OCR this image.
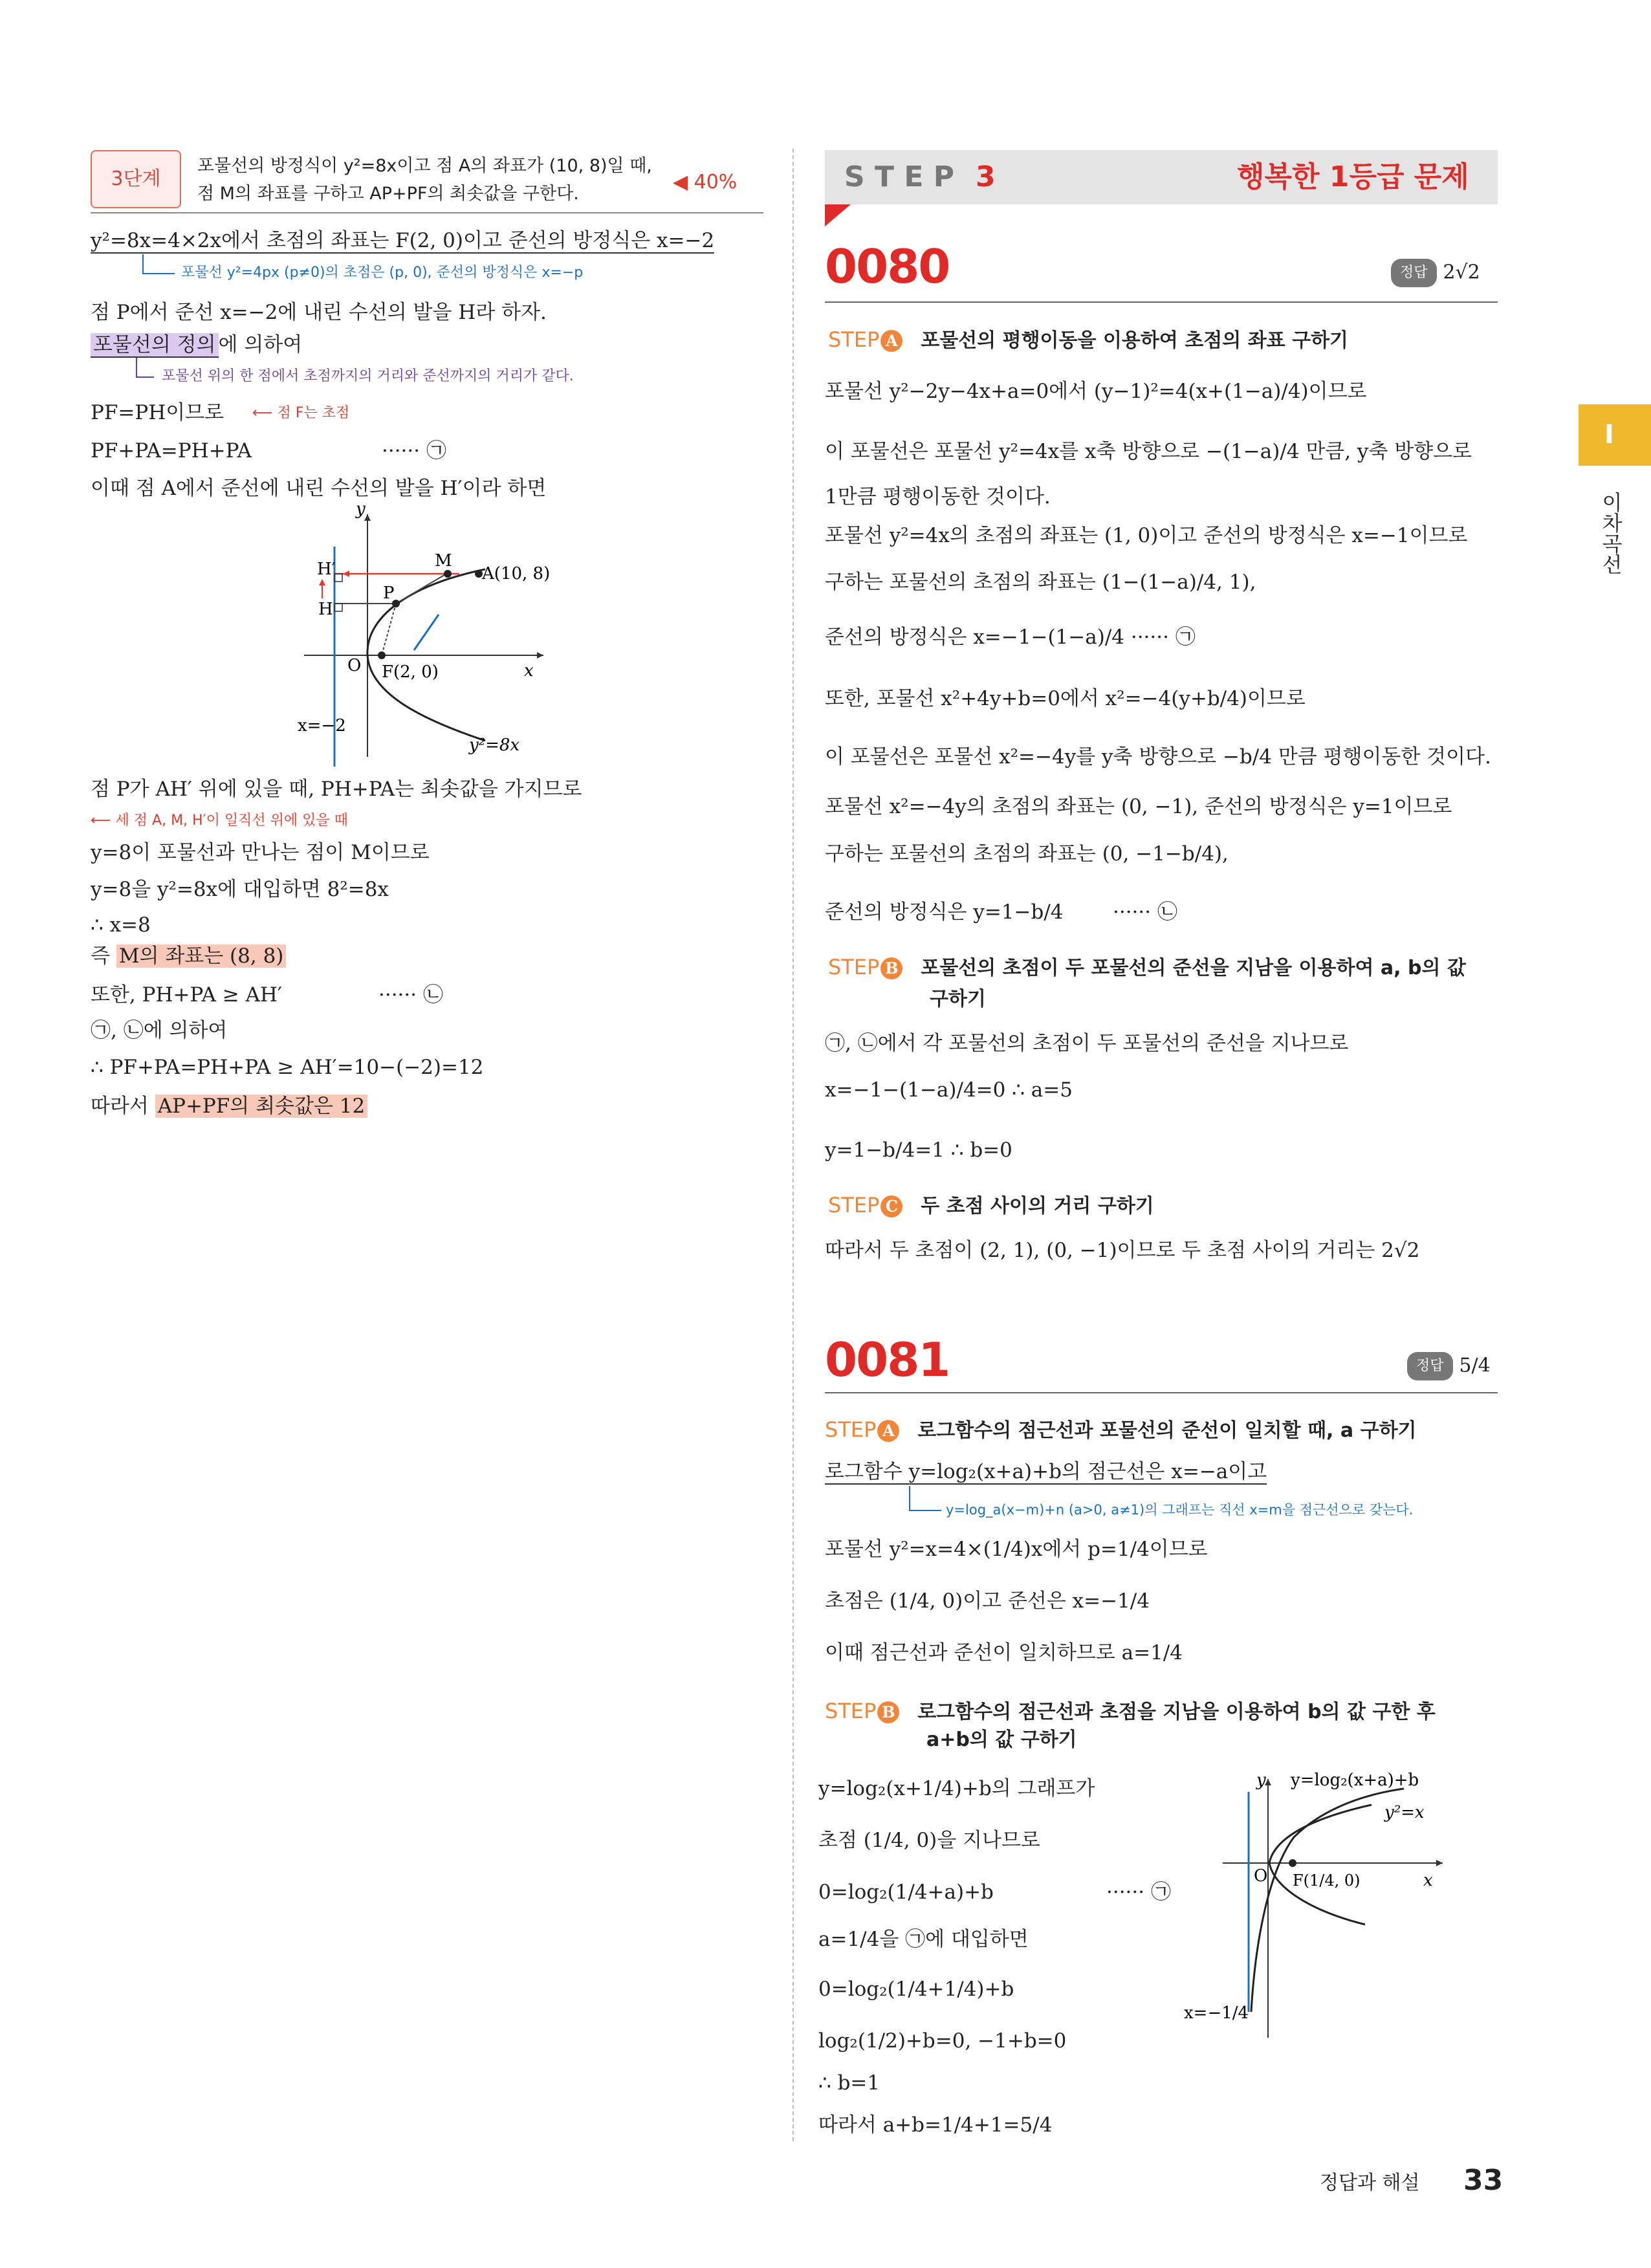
3단계
포물선의 방정식이 y²=8x이고 점 A의 좌표가 (10, 8)일 때,
점 M의 좌표를 구하고 AP+PF의 최솟값을 구한다.
◀ 40%
y²=8x=4×2x에서 초점의 좌표는 F(2, 0)이고 준선의 방정식은 x=−2
포물선 y²=4px (p≠0)의 초점은 (p, 0), 준선의 방정식은 x=−p
점 P에서 준선 x=−2에 내린 수선의 발을 H라 하자.
포물선의 정의 에 의하여
포물선 위의 한 점에서 초점까지의 거리와 준선까지의 거리가 같다.
PF=PH이므로 ⟵ 점 F는 초점
PF+PA=PH+PA	······ ㉠
이때 점 A에서 준선에 내린 수선의 발을 H′이라 하면
y
x
O F(2, 0)
H′
H
P
M
A(10, 8)
x=−2
y²=8x
점 P가 AH′ 위에 있을 때, PH+PA는 최솟값을 가지므로
⟵ 세 점 A, M, H′이 일직선 위에 있을 때
y=8이 포물선과 만나는 점이 M이므로
y=8을 y²=8x에 대입하면 8²=8x
∴ x=8
즉 M의 좌표는 (8, 8)
또한, PH+PA ≥ AH′	······ ㉡
㉠, ㉡에 의하여
∴ PF+PA=PH+PA ≥ AH′=10−(−2)=12
따라서 AP+PF의 최솟값은 12
S T E P 3	행복한 1등급 문제
0080	정답 2√2
STEP A 포물선의 평행이동을 이용하여 초점의 좌표 구하기
포물선 y²−2y−4x+a=0에서 (y−1)²=4(x+(1−a)/4)이므로
이 포물선은 포물선 y²=4x를 x축 방향으로 −(1−a)/4 만큼, y축 방향으로
1만큼 평행이동한 것이다.
포물선 y²=4x의 초점의 좌표는 (1, 0)이고 준선의 방정식은 x=−1이므로
구하는 포물선의 초점의 좌표는 (1−(1−a)/4, 1),
준선의 방정식은 x=−1−(1−a)/4 ······ ㉠
또한, 포물선 x²+4y+b=0에서 x²=−4(y+b/4)이므로
이 포물선은 포물선 x²=−4y를 y축 방향으로 −b/4 만큼 평행이동한 것이다.
포물선 x²=−4y의 초점의 좌표는 (0, −1), 준선의 방정식은 y=1이므로
구하는 포물선의 초점의 좌표는 (0, −1−b/4),
준선의 방정식은 y=1−b/4 ······ ㉡
STEP B 포물선의 초점이 두 포물선의 준선을 지남을 이용하여 a, b의 값
구하기
㉠, ㉡에서 각 포물선의 초점이 두 포물선의 준선을 지나므로
x=−1−(1−a)/4=0 ∴ a=5
y=1−b/4=1 ∴ b=0
STEP C 두 초점 사이의 거리 구하기
따라서 두 초점이 (2, 1), (0, −1)이므로 두 초점 사이의 거리는 2√2
0081	정답 5/4
STEP A 로그함수의 점근선과 포물선의 준선이 일치할 때, a 구하기
로그함수 y=log₂(x+a)+b의 점근선은 x=−a이고
y=log_a(x−m)+n (a>0, a≠1)의 그래프는 직선 x=m을 점근선으로 갖는다.
포물선 y²=x=4×(1/4)x에서 p=1/4이므로
초점은 (1/4, 0)이고 준선은 x=−1/4
이때 점근선과 준선이 일치하므로 a=1/4
STEP B 로그함수의 점근선과 초점을 지남을 이용하여 b의 값 구한 후
a+b의 값 구하기
y=log₂(x+1/4)+b의 그래프가
초점 (1/4, 0)을 지나므로
0=log₂(1/4+a)+b	······ ㉠
a=1/4을 ㉠에 대입하면
0=log₂(1/4+1/4)+b
log₂(1/2)+b=0, −1+b=0
∴ b=1
따라서 a+b=1/4+1=5/4
y
x
O F(1/4, 0)
y=log₂(x+a)+b
y²=x
x=−1/4
I
이차곡선
정답과 해설 33
